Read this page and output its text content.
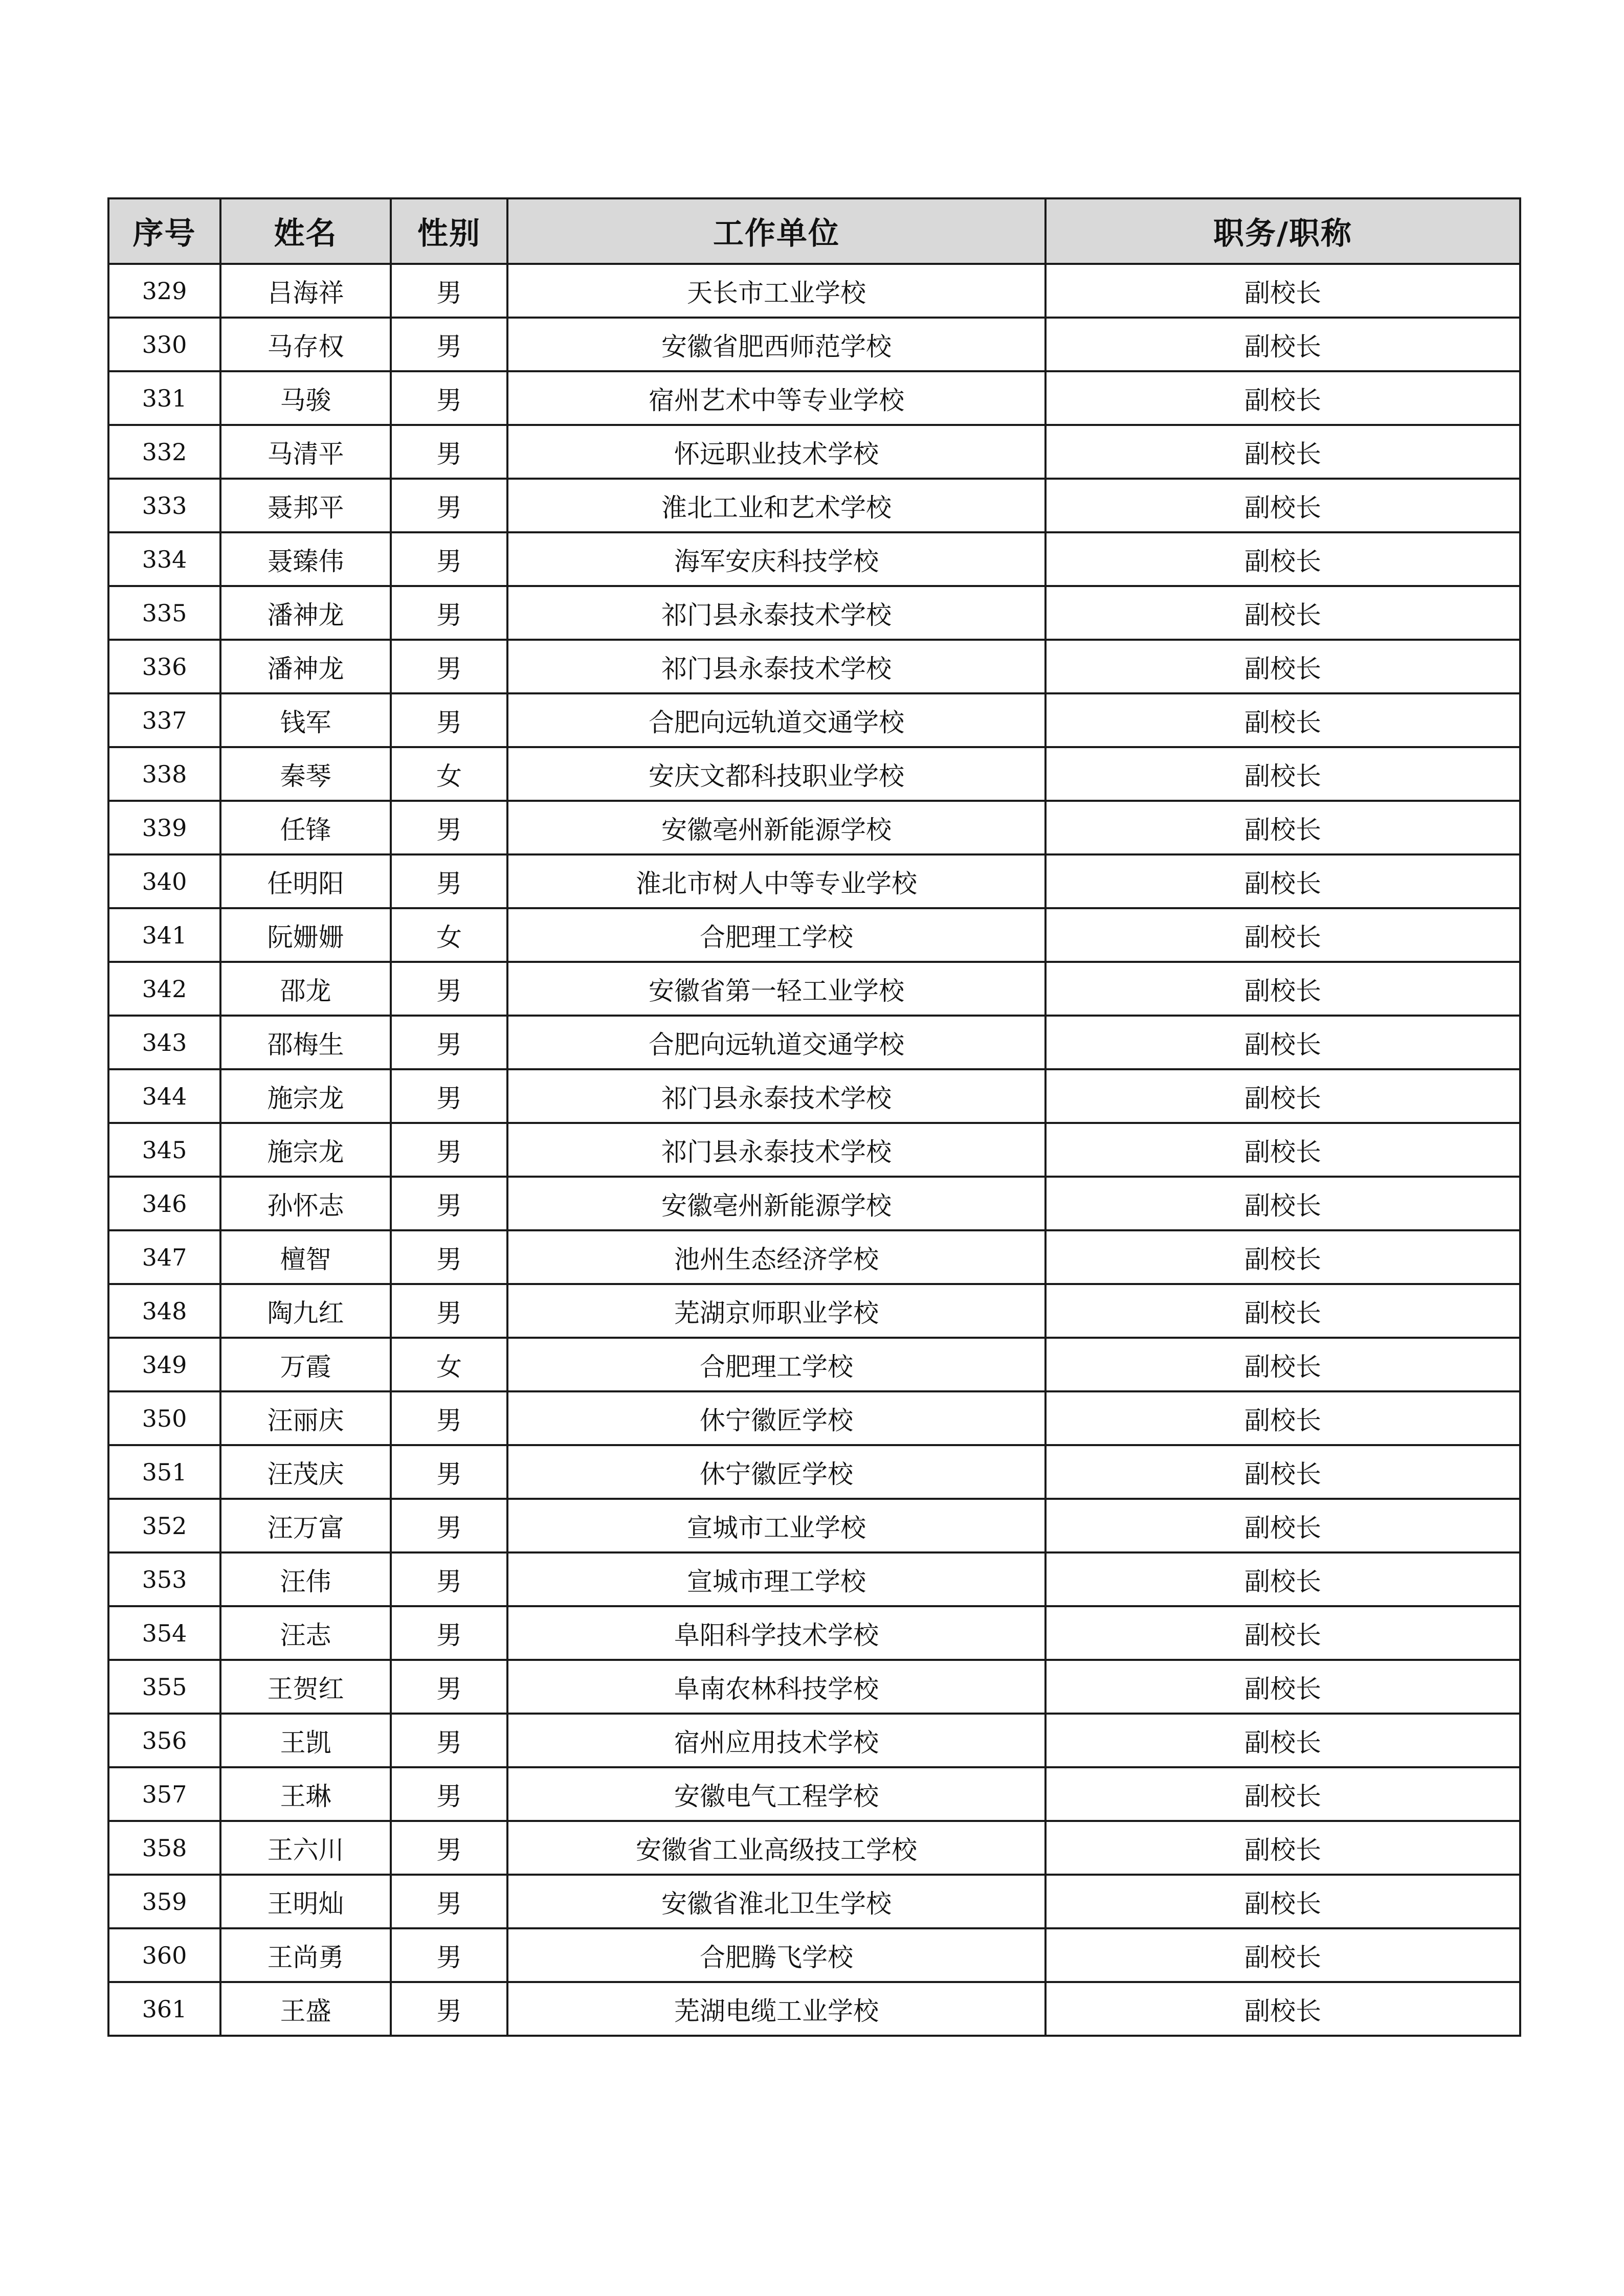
序号	姓名	性别	工作单位	职务/职称
329	吕海祥	男	天长市工业学校	副校长
330	马存权	男	安徽省肥西师范学校	副校长
331	马骏	男	宿州艺术中等专业学校	副校长
332	马清平	男	怀远职业技术学校	副校长
333	聂邦平	男	淮北工业和艺术学校	副校长
334	聂臻伟	男	海军安庆科技学校	副校长
335	潘神龙	男	祁门县永泰技术学校	副校长
336	潘神龙	男	祁门县永泰技术学校	副校长
337	钱军	男	合肥向远轨道交通学校	副校长
338	秦琴	女	安庆文都科技职业学校	副校长
339	任锋	男	安徽亳州新能源学校	副校长
340	任明阳	男	淮北市树人中等专业学校	副校长
341	阮姗姗	女	合肥理工学校	副校长
342	邵龙	男	安徽省第一轻工业学校	副校长
343	邵梅生	男	合肥向远轨道交通学校	副校长
344	施宗龙	男	祁门县永泰技术学校	副校长
345	施宗龙	男	祁门县永泰技术学校	副校长
346	孙怀志	男	安徽亳州新能源学校	副校长
347	檀智	男	池州生态经济学校	副校长
348	陶九红	男	芜湖京师职业学校	副校长
349	万霞	女	合肥理工学校	副校长
350	汪丽庆	男	休宁徽匠学校	副校长
351	汪茂庆	男	休宁徽匠学校	副校长
352	汪万富	男	宣城市工业学校	副校长
353	汪伟	男	宣城市理工学校	副校长
354	汪志	男	阜阳科学技术学校	副校长
355	王贺红	男	阜南农林科技学校	副校长
356	王凯	男	宿州应用技术学校	副校长
357	王琳	男	安徽电气工程学校	副校长
358	王六川	男	安徽省工业高级技工学校	副校长
359	王明灿	男	安徽省淮北卫生学校	副校长
360	王尚勇	男	合肥腾飞学校	副校长
361	王盛	男	芜湖电缆工业学校	副校长
